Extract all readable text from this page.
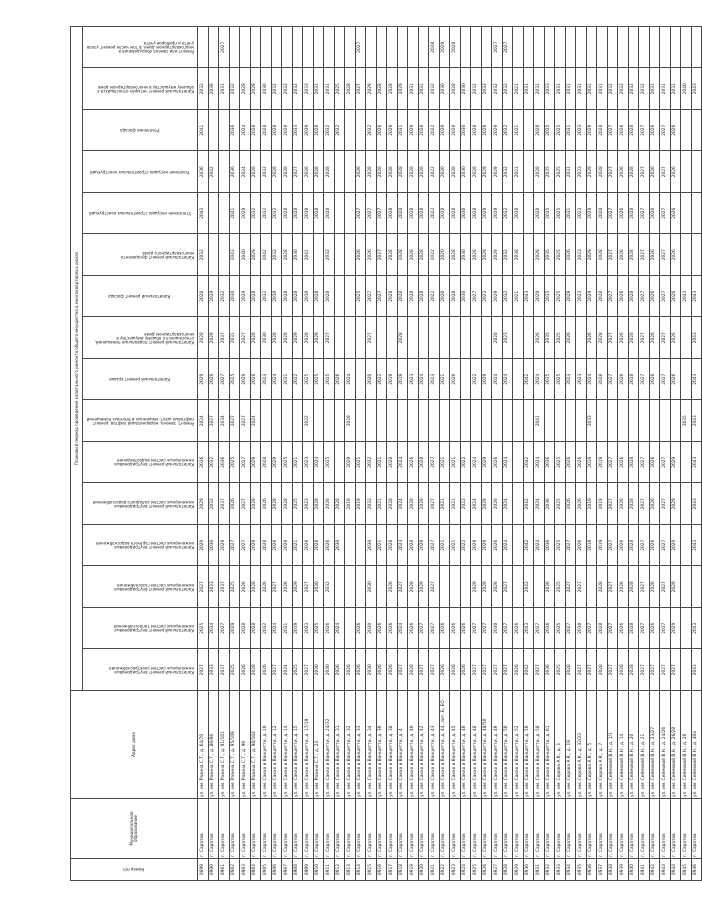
Номер п/п	Муниципальное образование	Адрес дома	Плановый период проведения капитального ремонта общего имущества в многоквартирных домах															
			Капитальный ремонт внутридомовых инженерных систем электроснабжения	Капитальный ремонт внутридомовых инженерных систем теплоснабжения	Капитальный ремонт внутридомовых инженерных систем газоснабжения	Капитальный ремонт внутридомовых инженерных систем горячего водоснабжения	Капитальный ремонт внутридомовых инженерных систем холодного водоснабжения	Капитальный ремонт внутридомовых инженерных систем водоотведения	Ремонт, замена, модернизация лифтов, ремонт лифтовых шахт, машинных и блочных помещений	Капитальный ремонт крыши	Капитальный ремонт подвальных помещений, относящихся к общему имуществу в многоквартирном доме	Капитальный ремонт фасада	Капитальный ремонт фундамента многоквартирного дома	Утепление несущих строительных конструкций	Усиление несущих строительных конструкций	Утепление фасада	Капитальный ремонт четырёх относящихся к общему имуществу в многоквартирном доме	Ремонт или замена оборудования в многоквартирном доме, в том числе ремонт узлов учёта и приборов учёта
8899	г. Саратов	ул. им. Разина С.Т., д. 64/70	2027	2025	2027	2029	2029	2026	2024	2029	2028	2028	2032	2043	2036	2041	2032	
8900	г. Саратов	ул. им. Разина С.Т., д. 80/86	2033	2034	2033	2030	2032	2032	2027	2028	2029	2029			2042		2039	
8901	г. Саратов	ул. им. Разина С.Т., д. 91/101	2037	2027	2037	2029	2037	2036	2034	2027	2037	2032					2031	2027
8902	г. Саратов	ул. им. Разина С.Т., д. 95/109	2025	2029	2025	2027	2026	2025	2027	2025	2031	2030	2043	2041	2036	2036	2032	
8903	г. Саратов	ул. им. Разина С.Т., д. 96	2026	2028	2026	2027	2027	2027	2027	2029	2027	2029	2040	2029	2024	2024	2029	
8904	г. Саратов	ул. им. Разина С.Т., д. 98/104	2028	2028	2028	2029	2029	2029	2024	2028	2028	2028	2029	2032	2028	2028	2029	
8905	г. Саратов	ул. им. Сакко и Ванцетти, д. 10	2026	2032	2026	2028	2026	2028		2023	2030	2032	2042	2032	2032	2028	2030	
8906	г. Саратов	ул. им. Сакко и Ванцетти, д. 12	2027	2024	2027	2026	2029	2029		2024	2028	2030	2032	2032	2028	2028	2032	
8907	г. Саратов	ул. им. Сакко и Ванцетти, д. 14	2024	2031	2026	2028	2028	2025		2031	2028	2028	2028	2028	2028	2028	2032	
8908	г. Саратов	ул. им. Сакко и Ванцетти, д. 15	2025	2019	2029	2021	2025	2021		2022	2029	2028	2030	2028	2027	2033	2032	
8909	г. Саратов	ул. им. Сакко и Ванцетти, д. 17/19	2027	2023	2027	2026	2023	2023	2022	2025	2028	2030	2041	2039	2026	2039	2033	
8910	г. Саратов	ул. им. Разина С.Т., д. 24	2030	2025	2030	2028	2028	2024		2025	2029	2028		2028	2028	2028	2031	
8911	г. Саратов	ул. им. Сакко и Ванцетти, д. 24/32	2030	2026	2032	2026	2026	2025		2025	2027	2028	2032	2028	2028	2032	2031	
8912	г. Саратов	ул. им. Сакко и Ванцетти, д. 31	2026	2024		2030	2028			2026						2032	2025	
8913	г. Саратов	ул. им. Сакко и Ванцетти, д. 32	2026				2019	2029	2029	2024							2028	
8914	г. Саратов	ул. им. Сакко и Ванцетти, д. 33	2026	2026			2019	2021				2025	2026	2027	2026		2027	2027
8915	г. Саратов	ул. им. Сакко и Ванцетти, д. 34	2030	2030	2030	2030	2032	2032		2020	2027	2027	2026	2027	2028	2032	2029	
8916	г. Саратов	ул. им. Сакко и Ванцетти, д. 36	2026	2026		2021	2021	2021		2022		2027	2027	2027	2028	2026	2028	
8917	г. Саратов	ул. им. Сакко и Ванцетти, д. 38	2026	2026	2026	2028	2028	2028		2019		2028	2028	2028	2028	2029	2028	
8918	г. Саратов	ул. им. Сакко и Ванцетти, д. 4	2027	2024	2027	2024	2024	2024		2019	2028	2028	2028	2028	2028	2031	2029	
8919	г. Саратов	ул. им. Сакко и Ванцетти, д. 40	2028	2026	2028	2028	2028	2026		2023		2028	2028	2028	2028	2029	2031	
8920	г. Саратов	ул. им. Сакко и Ванцетти, д. 42	2027	2027	2029	2029	2029	2028		2024		2028	2028	2028	2028	2028	2031	
8921	г. Саратов	ул. им. Сакко и Ванцетти, д. 43	2027	2027	2027	2027	2027	2027		2023		2022	2022	2022	2022	2022	2032	2028
8922	г. Саратов	ул. им. Сакко и Ванцетти, д. 44, лит. Б, ЕО	2026	2026		2021	2021	2021		2021		2020	2020	2020	2020	2020	2030	2029
8923	г. Саратов	ул. им. Сакко и Ванцетти, д. 45	2026	2026		2021	2021	2021		2026		2028	2028	2028	2028	2028	2028	2028
8924	г. Саратов	ул. им. Сакко и Ванцетти, д. 46	2026	2026		2022	2022	2022				2030	2030	2030	2030	2030	2030	
8925	г. Саратов	ул. им. Сакко и Ванцетти, д. 48	2027	2027	2029	2029	2024	2024		2022		2027	2028	2028	2028	2028	2032	
8926	г. Саратов	ул. им. Сакко и Ванцетти, д. 48/50	2027	2027	2029	2029	2029	2029		2029		2023	2029	2029	2029	2029	2032	
8927	г. Саратов	ул. им. Сакко и Ванцетти, д. 49	2027	2030	2026	2026	2026	2026		2024	2028	2029	2029	2029	2029	2029	2032	2027
8928	г. Саратов	ул. им. Сакко и Ванцетти, д. 50	2027	2027	2027	2024	2024	2024		2024	2023	2032	2032	2032	2032	2032	2032	2027
8929	г. Саратов	ул. им. Сакко и Ванцетти, д. 52	2026	2026								2021	2038	2038	2021	2021	2021	
8930	г. Саратов	ул. им. Сакко и Ванцетти, д. 56	2042	2043	2042	2042	2042	2042		2042		2043					2031	
8931	г. Саратов	ул. им. Сакко и Ванцетти, д. 58	2027	2027		2024	2024	2024	2041	2024	2026	2029	2029	2028	2028	2028	2031	
8932	г. Саратов	ул. им. Сакко и Ванцетти, д. 61	2036	2036	2036	2036	2036	2036		2035	2035	2035	2035	2035	2035	2035	2033	
8933	г. Саратов	ул. им. Серова А.К., д. 1	2025	2025	2025	2025	2025	2025		2025	2025	2025	2025	2025	2025	2025	2031	
8934	г. Саратов	ул. им. Серова А.К., д. 19	2028	2027	2027	2027	2026	2026		2023	2026	2029	2026	2031	2031	2031	2031	
8935	г. Саратов	ул. им. Серова А.К., д. 32/33	2027	2030	2027	2026	2026	2026		2023		2023	2023	2023	2023	2023	2031	
8936	г. Саратов	ул. им. Серова А.К., д. 5	2027	2027		2019	2019	2019	2033	2024	2026	2029	2029	2029	2029	2029	2031	
8937	г. Саратов	ул. им. Серова А.К., д. 7	2028	2028	2028	2019	2019	2019		2028	2028	2028	2028	2028	2028	2028	2031	
8938	г. Саратов	ул. им. Сеймовой В.Н., д. 1/1	2027	2027	2027	2027	2027	2027		2027	2027	2027	2027	2027	2027	2027	2032	
8939	г. Саратов	ул. им. Сеймовой В.Н., д. 14	2026	2026	2026	2026	2026	2026		2026	2026	2026	2026	2026	2026	2026	2032	
8940	г. Саратов	ул. им. Сеймовой В.Н., д. 20	2028	2028	2028	2028	2028	2028		2028	2028	2028	2028	2028	2028	2028	2032	
8941	г. Саратов	ул. им. Сеймовой В.Н., д. 21	2027	2027	2027	2027	2027	2027		2027	2027	2027	2027	2027	2027	2027	2032	
8942	г. Саратов	ул. им. Сеймовой В.Н., д. 23/27	2027	2026	2026	2026	2026	2026		2026	2026	2026	2026	2026	2026	2026	2031	
8943	г. Саратов	ул. им. Сеймовой В.Н., д. 24/26	2027	2027	2027	2027	2027	2027		2027	2027	2027	2027	2027	2027	2027	2031	
8944	г. Саратов	ул. им. Сеймовой В.Н., д. 26/28	2027	2029	2029	2029	2029	2029		2026	2026	2026	2026	2026	2026	2026	2031	
8945	г. Саратов	ул. им. Сеймовой В.Н., д. 28							2035			2043					2040	
8946	г. Саратов	ул. им. Сеймовой В.Н., д. 40а	2043	2043		2043	2043	2043	2043	2043	2043	2043					2043	
